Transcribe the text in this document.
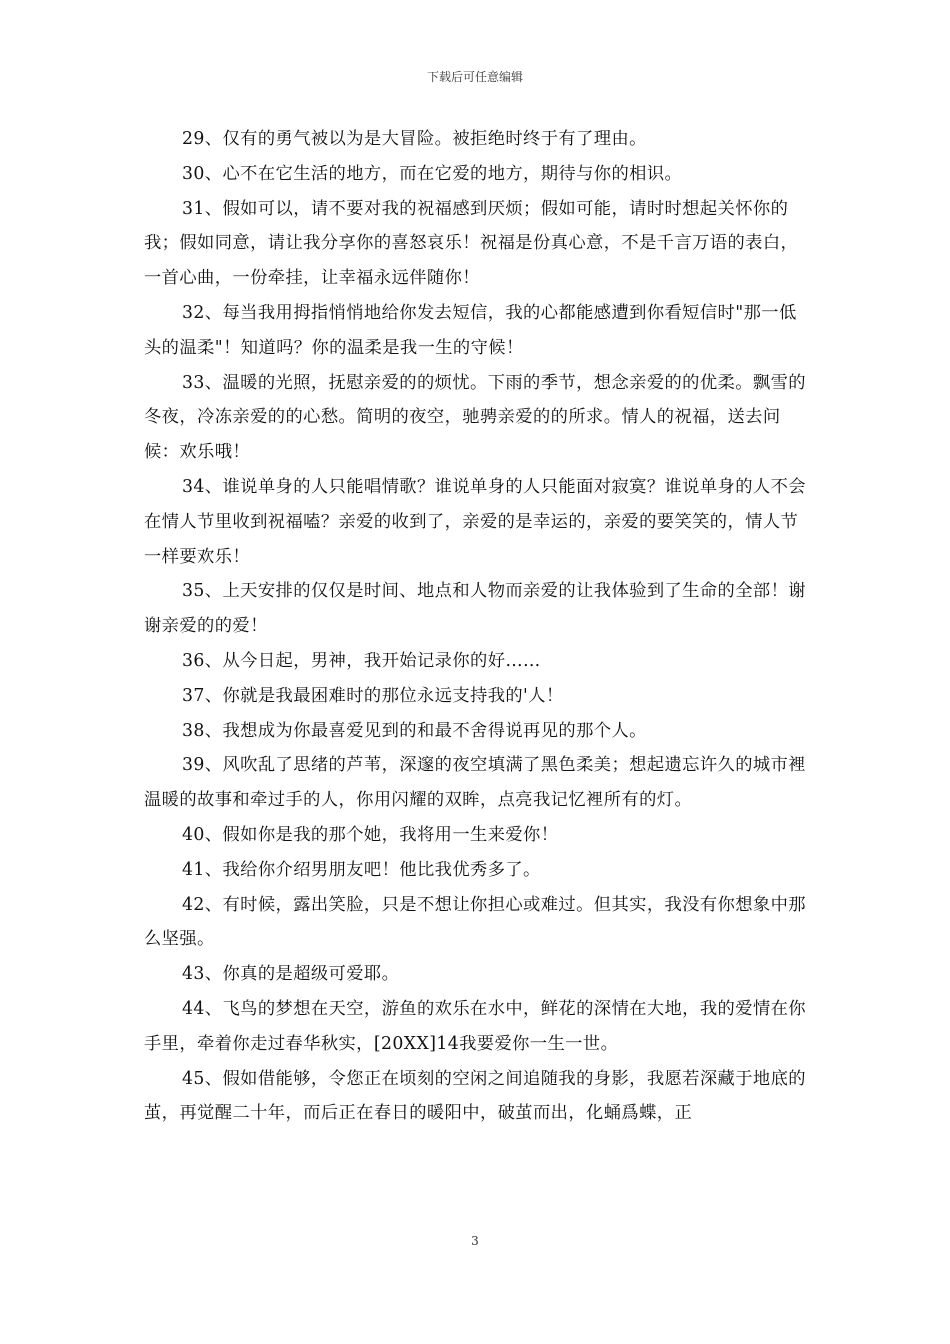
下载后可任意编辑

29、仅有的勇气被以为是大冒险。被拒绝时终于有了理由。

30、心不在它生活的地方，而在它爱的地方，期待与你的相识。

31、假如可以，请不要对我的祝福感到厌烦；假如可能，请时时想起关怀你的我；假如同意，请让我分享你的喜怒哀乐！祝福是份真心意，不是千言万语的表白，一首心曲，一份牵挂，让幸福永远伴随你！

32、每当我用拇指悄悄地给你发去短信，我的心都能感遭到你看短信时"那一低头的温柔"！知道吗？你的温柔是我一生的守候！

33、温暖的光照，抚慰亲爱的的烦忧。下雨的季节，想念亲爱的的优柔。飘雪的冬夜，冷冻亲爱的的心愁。简明的夜空，驰骋亲爱的的所求。情人的祝福，送去问候：欢乐哦！

34、谁说单身的人只能唱情歌？谁说单身的人只能面对寂寞？谁说单身的人不会在情人节里收到祝福嗑？亲爱的收到了，亲爱的是幸运的，亲爱的要笑笑的，情人节一样要欢乐！

35、上天安排的仅仅是时间、地点和人物而亲爱的让我体验到了生命的全部！谢谢亲爱的的爱！

36、从今日起，男神，我开始记录你的好……

37、你就是我最困难时的那位永远支持我的'人！

38、我想成为你最喜爱见到的和最不舍得说再见的那个人。

39、风吹乱了思绪的芦苇，深邃的夜空填满了黑色柔美；想起遗忘许久的城市裡温暖的故事和牵过手的人，你用闪耀的双眸，点亮我记忆裡所有的灯。

40、假如你是我的那个她，我将用一生来爱你！

41、我给你介绍男朋友吧！他比我优秀多了。

42、有时候，露出笑脸，只是不想让你担心或难过。但其实，我没有你想象中那么坚强。

43、你真的是超级可爱耶。

44、飞鸟的梦想在天空，游鱼的欢乐在水中，鲜花的深情在大地，我的爱情在你手里，牵着你走过春华秋实，[20XX]14我要爱你一生一世。

45、假如借能够，令您正在顷刻的空闲之间追随我的身影，我愿若深藏于地底的茧，再觉醒二十年，而后正在春日的暖阳中，破茧而出，化蛹爲蝶，正

3
